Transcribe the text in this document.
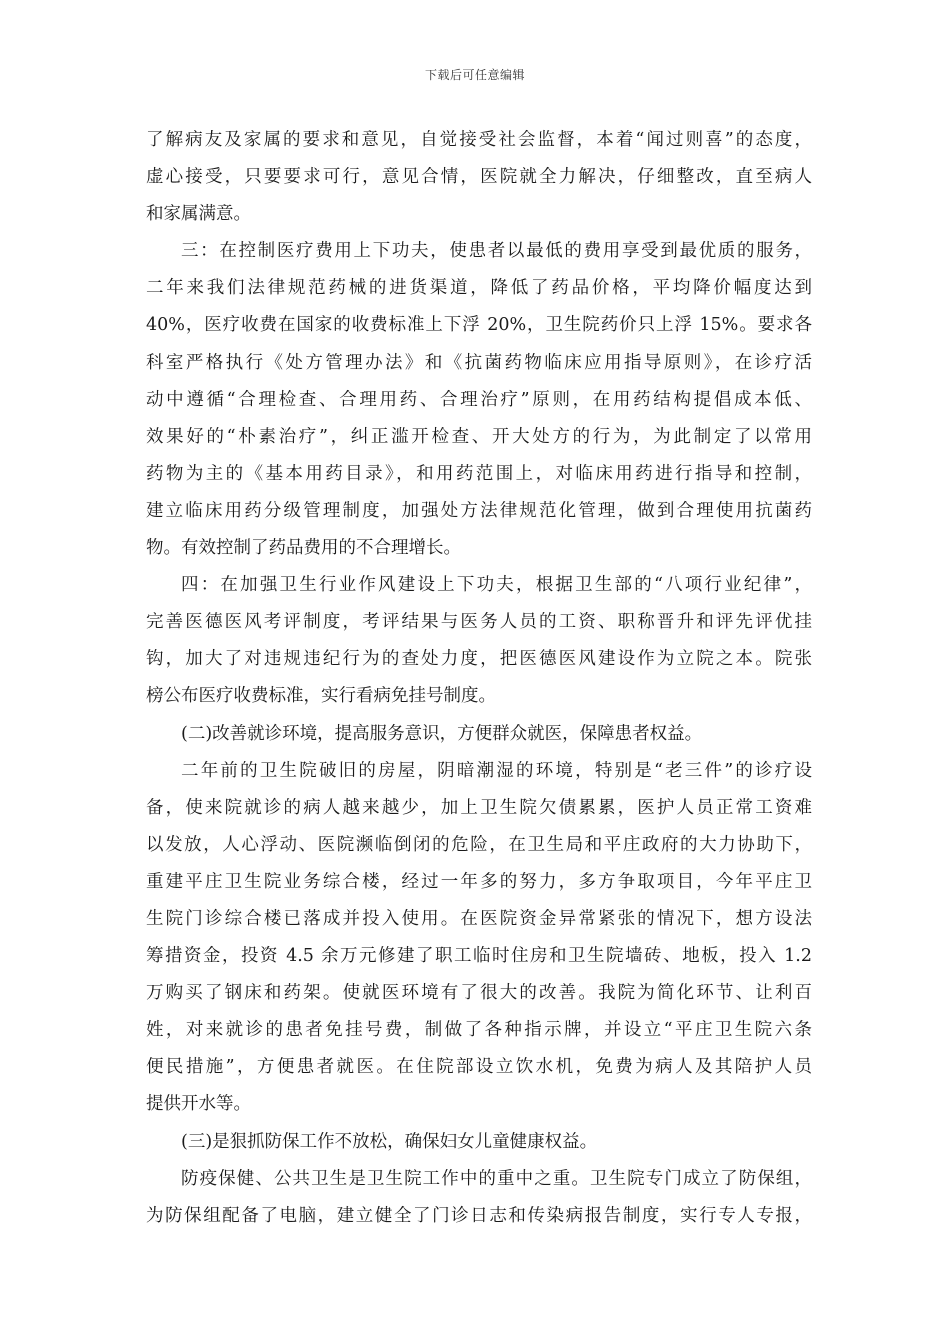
下载后可任意编辑
了解病友及家属的要求和意见，自觉接受社会监督，本着“闻过则喜”的态度，
虚心接受，只要要求可行，意见合情，医院就全力解决，仔细整改，直至病人
和家属满意。
三：在控制医疗费用上下功夫，使患者以最低的费用享受到最优质的服务，
二年来我们法律规范药械的进货渠道，降低了药品价格，平均降价幅度达到
40%，医疗收费在国家的收费标准上下浮 20%，卫生院药价只上浮 15%。要求各
科室严格执行《处方管理办法》和《抗菌药物临床应用指导原则》，在诊疗活
动中遵循“合理检查、合理用药、合理治疗”原则，在用药结构提倡成本低、
效果好的“朴素治疗”，纠正滥开检查、开大处方的行为，为此制定了以常用
药物为主的《基本用药目录》，和用药范围上，对临床用药进行指导和控制，
建立临床用药分级管理制度，加强处方法律规范化管理，做到合理使用抗菌药
物。有效控制了药品费用的不合理增长。
四：在加强卫生行业作风建设上下功夫，根据卫生部的“八项行业纪律”，
完善医德医风考评制度，考评结果与医务人员的工资、职称晋升和评先评优挂
钩，加大了对违规违纪行为的查处力度，把医德医风建设作为立院之本。院张
榜公布医疗收费标准，实行看病免挂号制度。
(二)改善就诊环境，提高服务意识，方便群众就医，保障患者权益。
二年前的卫生院破旧的房屋，阴暗潮湿的环境，特别是“老三件”的诊疗设
备，使来院就诊的病人越来越少，加上卫生院欠债累累，医护人员正常工资难
以发放，人心浮动、医院濒临倒闭的危险，在卫生局和平庄政府的大力协助下，
重建平庄卫生院业务综合楼，经过一年多的努力，多方争取项目，今年平庄卫
生院门诊综合楼已落成并投入使用。在医院资金异常紧张的情况下，想方设法
筹措资金，投资 4.5 余万元修建了职工临时住房和卫生院墙砖、地板，投入 1.2
万购买了钢床和药架。使就医环境有了很大的改善。我院为简化环节、让利百
姓，对来就诊的患者免挂号费，制做了各种指示牌，并设立“平庄卫生院六条
便民措施”，方便患者就医。在住院部设立饮水机，免费为病人及其陪护人员
提供开水等。
(三)是狠抓防保工作不放松，确保妇女儿童健康权益。
防疫保健、公共卫生是卫生院工作中的重中之重。卫生院专门成立了防保组，
为防保组配备了电脑，建立健全了门诊日志和传染病报告制度，实行专人专报，
